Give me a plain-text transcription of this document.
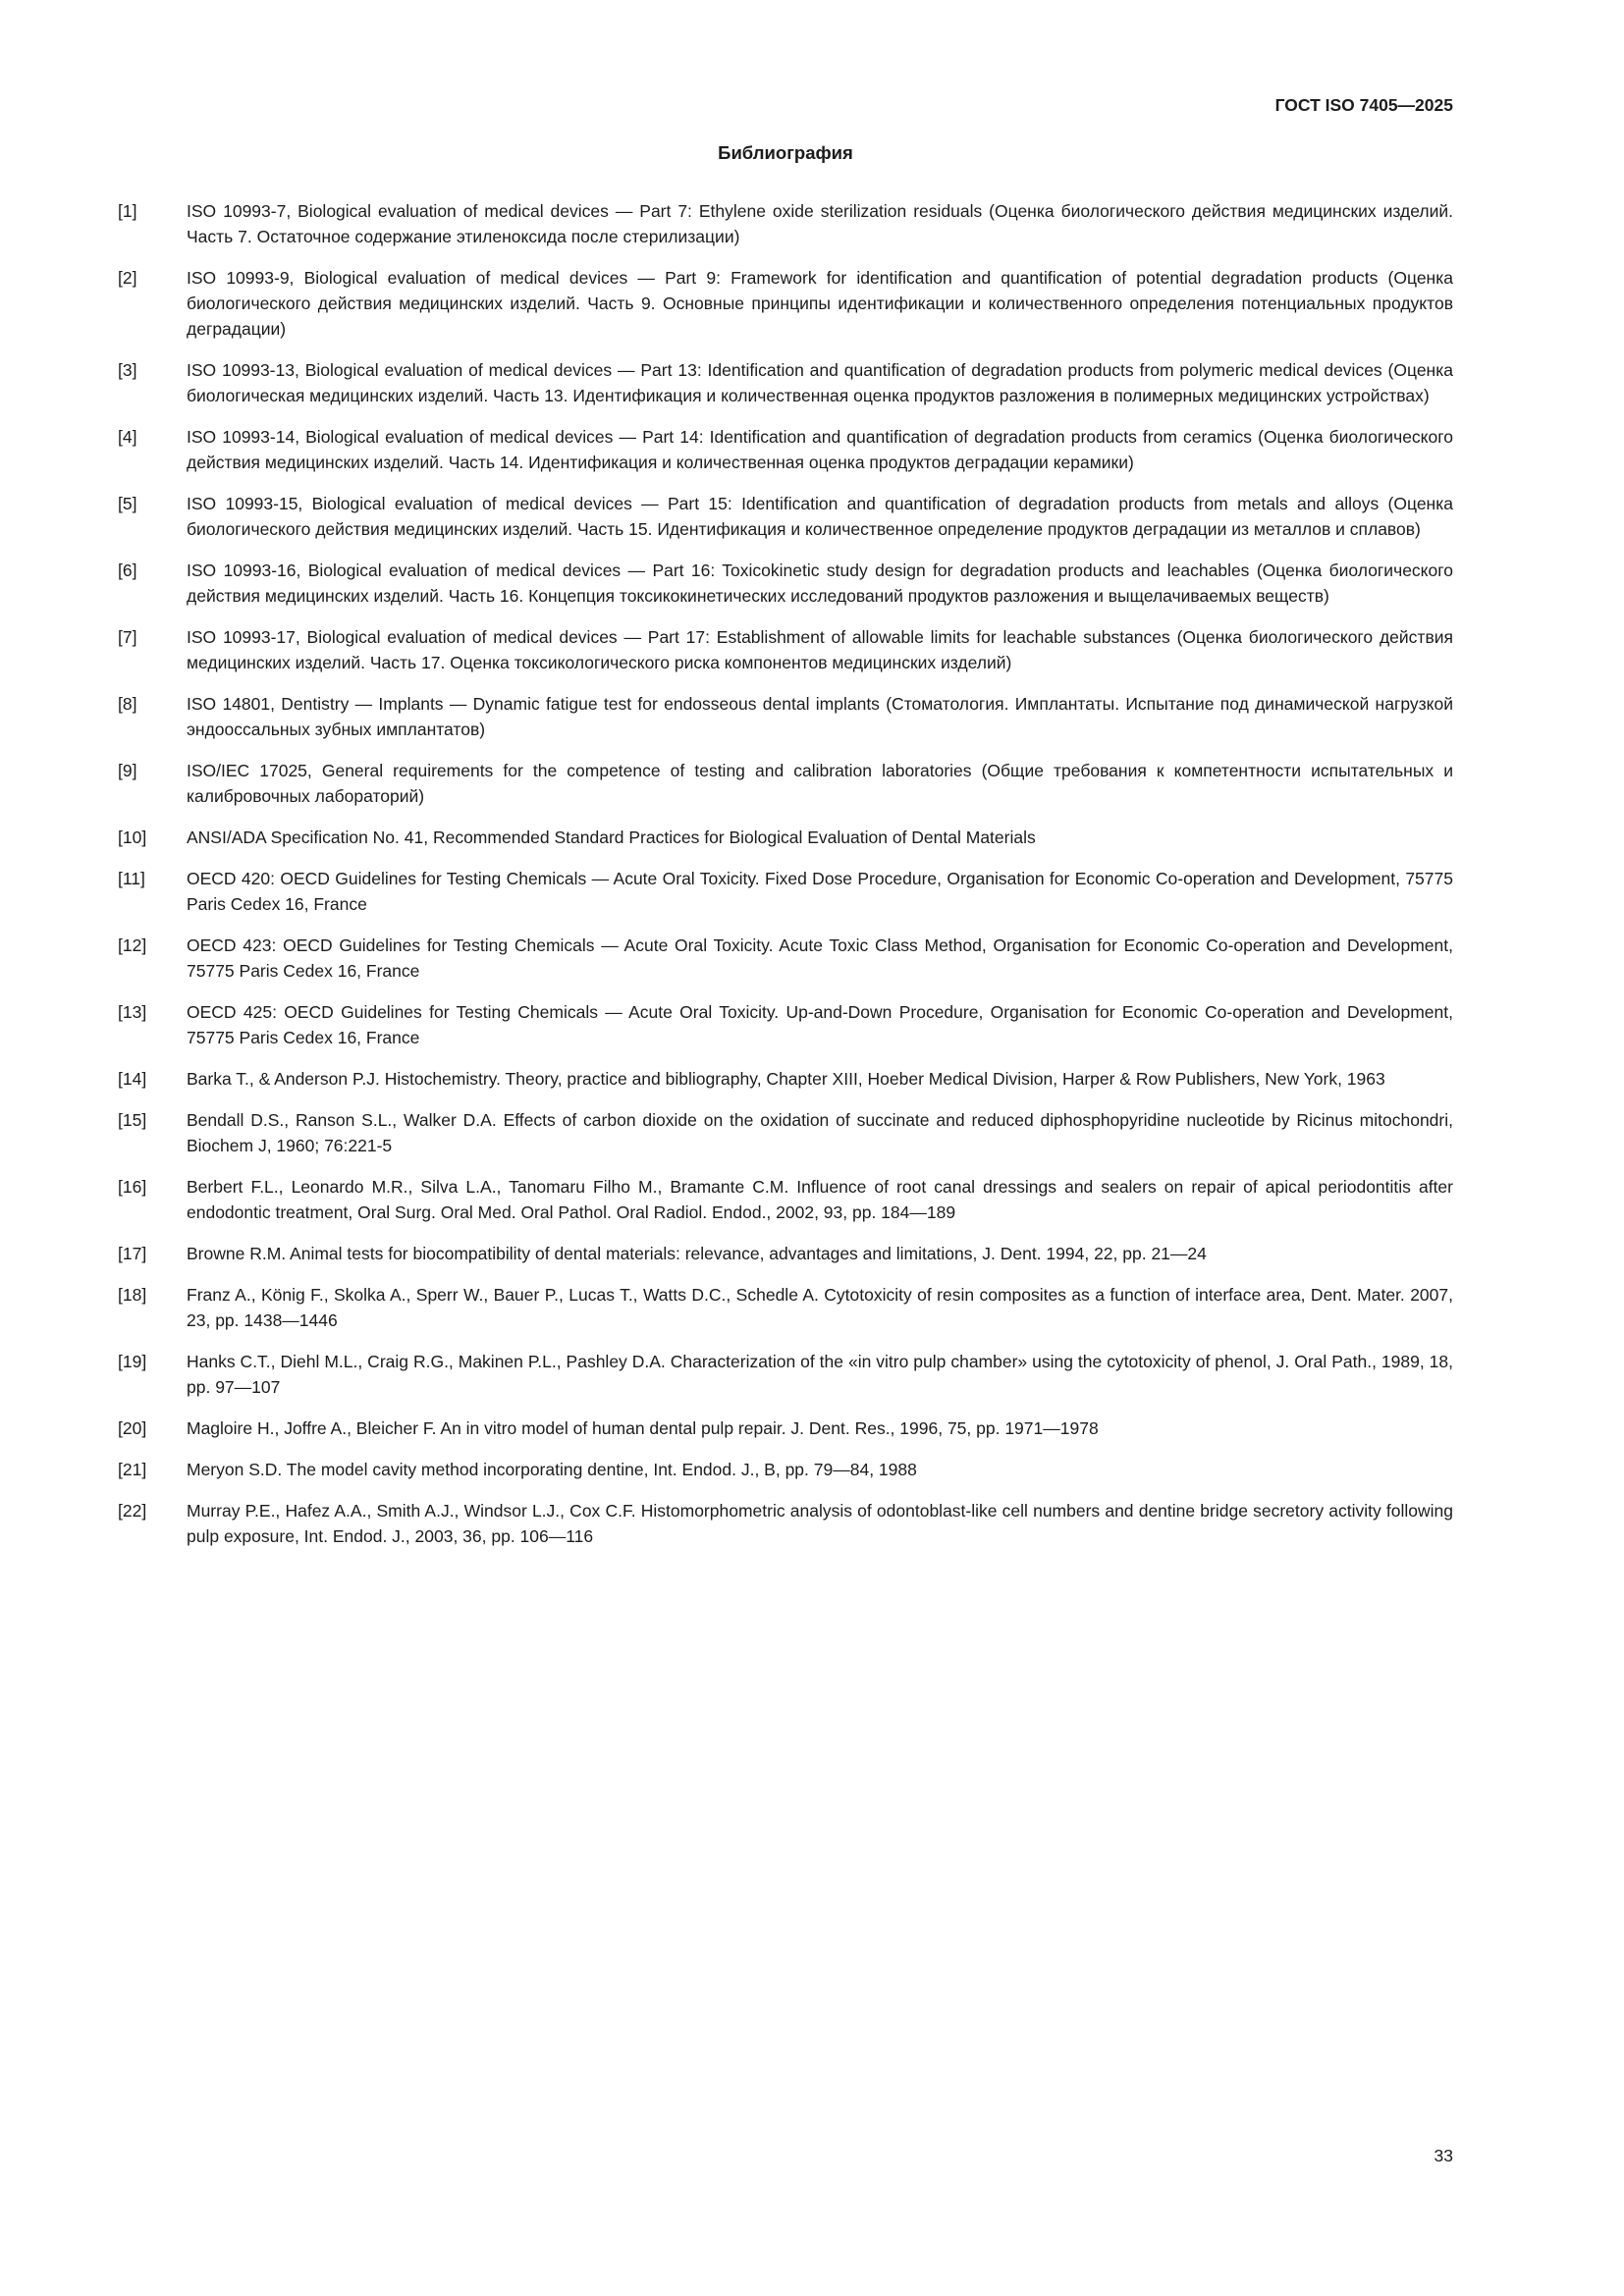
ГОСТ ISO 7405—2025
Библиография
[1]	ISO 10993-7, Biological evaluation of medical devices — Part 7: Ethylene oxide sterilization residuals (Оценка биологического действия медицинских изделий. Часть 7. Остаточное содержание этиленоксида после стерилизации)
[2]	ISO 10993-9, Biological evaluation of medical devices — Part 9: Framework for identification and quantification of potential degradation products (Оценка биологического действия медицинских изделий. Часть 9. Основные принципы идентификации и количественного определения потенциальных продуктов деградации)
[3]	ISO 10993-13, Biological evaluation of medical devices — Part 13: Identification and quantification of degradation products from polymeric medical devices (Оценка биологическая медицинских изделий. Часть 13. Идентификация и количественная оценка продуктов разложения в полимерных медицинских устройствах)
[4]	ISO 10993-14, Biological evaluation of medical devices — Part 14: Identification and quantification of degradation products from ceramics (Оценка биологического действия медицинских изделий. Часть 14. Идентификация и количественная оценка продуктов деградации керамики)
[5]	ISO 10993-15, Biological evaluation of medical devices — Part 15: Identification and quantification of degradation products from metals and alloys (Оценка биологического действия медицинских изделий. Часть 15. Идентификация и количественное определение продуктов деградации из металлов и сплавов)
[6]	ISO 10993-16, Biological evaluation of medical devices — Part 16: Toxicokinetic study design for degradation products and leachables (Оценка биологического действия медицинских изделий. Часть 16. Концепция токсикокинетических исследований продуктов разложения и выщелачиваемых веществ)
[7]	ISO 10993-17, Biological evaluation of medical devices — Part 17: Establishment of allowable limits for leachable substances (Оценка биологического действия медицинских изделий. Часть 17. Оценка токсикологического риска компонентов медицинских изделий)
[8]	ISO 14801, Dentistry — Implants — Dynamic fatigue test for endosseous dental implants (Стоматология. Имплантаты. Испытание под динамической нагрузкой эндооссальных зубных имплантатов)
[9]	ISO/IEC 17025, General requirements for the competence of testing and calibration laboratories (Общие требования к компетентности испытательных и калибровочных лабораторий)
[10]	ANSI/ADA Specification No. 41, Recommended Standard Practices for Biological Evaluation of Dental Materials
[11]	OECD 420: OECD Guidelines for Testing Chemicals — Acute Oral Toxicity. Fixed Dose Procedure, Organisation for Economic Co-operation and Development, 75775 Paris Cedex 16, France
[12]	OECD 423: OECD Guidelines for Testing Chemicals — Acute Oral Toxicity. Acute Toxic Class Method, Organisation for Economic Co-operation and Development, 75775 Paris Cedex 16, France
[13]	OECD 425: OECD Guidelines for Testing Chemicals — Acute Oral Toxicity. Up-and-Down Procedure, Organisation for Economic Co-operation and Development, 75775 Paris Cedex 16, France
[14]	Barka T., & Anderson P.J. Histochemistry. Theory, practice and bibliography, Chapter XIII, Hoeber Medical Division, Harper & Row Publishers, New York, 1963
[15]	Bendall D.S., Ranson S.L., Walker D.A. Effects of carbon dioxide on the oxidation of succinate and reduced diphosphopyridine nucleotide by Ricinus mitochondri, Biochem J, 1960; 76:221-5
[16]	Berbert F.L., Leonardo M.R., Silva L.A., Tanomaru Filho M., Bramante C.M. Influence of root canal dressings and sealers on repair of apical periodontitis after endodontic treatment, Oral Surg. Oral Med. Oral Pathol. Oral Radiol. Endod., 2002, 93, pp. 184—189
[17]	Browne R.M. Animal tests for biocompatibility of dental materials: relevance, advantages and limitations, J. Dent. 1994, 22, pp. 21—24
[18]	Franz A., König F., Skolka A., Sperr W., Bauer P., Lucas T., Watts D.C., Schedle A. Cytotoxicity of resin composites as a function of interface area, Dent. Mater. 2007, 23, pp. 1438—1446
[19]	Hanks C.T., Diehl M.L., Craig R.G., Makinen P.L., Pashley D.A. Characterization of the «in vitro pulp chamber» using the cytotoxicity of phenol, J. Oral Path., 1989, 18, pp. 97—107
[20]	Magloire H., Joffre A., Bleicher F. An in vitro model of human dental pulp repair. J. Dent. Res., 1996, 75, pp. 1971—1978
[21]	Meryon S.D. The model cavity method incorporating dentine, Int. Endod. J., B, pp. 79—84, 1988
[22]	Murray P.E., Hafez A.A., Smith A.J., Windsor L.J., Cox C.F. Histomorphometric analysis of odontoblast-like cell numbers and dentine bridge secretory activity following pulp exposure, Int. Endod. J., 2003, 36, pp. 106—116
33
